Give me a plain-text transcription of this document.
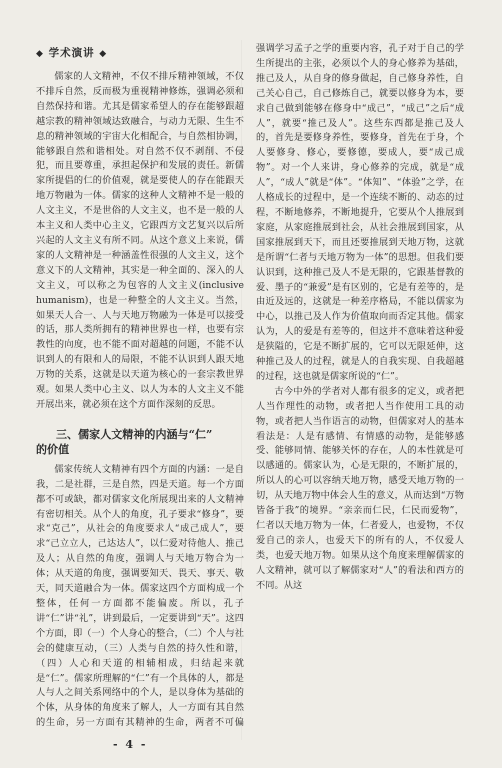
◆ 学术演讲 ◆

儒家的人文精神，不仅不排斥精神领域，不仅不排斥自然，反而极为重视精神修炼，强调必须和自然保持和谐。尤其是儒家希望人的存在能够跟超越宗教的精神领域达致融合，与动力无限、生生不息的精神领域的宇宙大化相配合，与自然相协调，能够跟自然和谐相处。对自然不仅不剥削、不侵犯，而且要尊重，承担起保护和发展的责任。新儒家所提倡的仁的价值观，就是要使人的存在能跟天地万物融为一体。儒家的这种人文精神不是一般的人文主义，不是世俗的人文主义，也不是一般的人本主义和人类中心主义，它跟西方文艺复兴以后所兴起的人文主义有所不同。从这个意义上来说，儒家的人文精神是一种涵盖性很强的人文主义，这个意义下的人文精神，其实是一种全面的、深入的人文主义，可以称之为包容的人文主义(inclusive humanism)，也是一种整全的人文主义。当然，如果天人合一、人与天地万物融为一体是可以接受的话，那人类所拥有的精神世界也一样，也要有宗教性的向度，也不能不面对超越的问题，不能不认识到人的有限和人的局限，不能不认识到人跟天地万物的关系，这就是以天道为核心的一套宗教世界观。如果人类中心主义、以人为本的人文主义不能开展出来，就必须在这个方面作深刻的反思。

三、儒家人文精神的内涵与“仁”
的价值

儒家传统人文精神有四个方面的内涵：一是自我，二是社群，三是自然，四是天道。每一个方面都不可或缺，都对儒家文化所展现出来的人文精神有密切相关。从个人的角度，孔子要求“修身”，要求“克己”，从社会的角度要求人“成己成人”，要求“己立立人，己达达人”，以仁爱对待他人、推己及人；从自然的角度，强调人与天地万物合为一体；从天道的角度，强调要知天、畏天、事天、敬天，同天道融合为一体。儒家这四个方面构成一个整体，任何一方面都不能偏废。所以，孔子讲“仁”讲“礼”，讲到最后，一定要讲到“天”。这四个方面，即（一）个人身心的整合，（二）个人与社会的健康互动，（三）人类与自然的持久性和谐，（四）人心和天道的相辅相成，归结起来就是“仁”。儒家所理解的“仁”有一个具体的人，都是人与人之间关系网络中的个人，是以身体为基础的个体，从身体的角度来了解人，人一方面有其自然的生命，另一方面有其精神的生命，两者不可偏

强调学习孟子之学的重要内容，孔子对于自己的学生所提出的主张，必须以个人的身心修养为基础，推己及人，从自身的修身做起，自己修身养性，自己关心自己，自己修炼自己，就要以修身为本，要求自己做到能够在修身中“成己”，“成己”之后“成人”，就要“推己及人”。这些东西都是推己及人的，首先是要修身养性，要修身，首先在于身，个人要修身、修心，要修德，要成人，要“成己成物”。对一个人来讲，身心修养的完成，就是“成人”，“成人”就是“体”。“体知”、“体验”之学，在人格成长的过程中，是一个连续不断的、动态的过程，不断地修养，不断地提升，它要从个人推展到家庭，从家庭推展到社会，从社会推展到国家，从国家推展到天下，而且还要推展到天地万物，这就是所谓“仁者与天地万物为一体”的思想。但我们要认识到，这种推己及人不是无限的，它跟基督教的爱、墨子的“兼爱”是有区别的，它是有差等的，是由近及远的，这就是一种差序格局，不能以儒家为中心，以推己及人作为价值取向而否定其他。儒家认为，人的爱是有差等的，但这并不意味着这种爱是狭隘的，它是不断扩展的，它可以无限延伸，这种推己及人的过程，就是人的自我实现、自我超越的过程，这也就是儒家所说的“仁”。

古今中外的学者对人都有很多的定义，或者把人当作理性的动物，或者把人当作使用工具的动物，或者把人当作语言的动物，但儒家对人的基本看法是：人是有感情、有情感的动物，是能够感受、能够同情、能够关怀的存在，人的本性就是可以感通的。儒家认为，心是无限的，不断扩展的，所以人的心可以容纳天地万物，感受天地万物的一切，从天地万物中体会人生的意义，从而达到“万物皆备于我”的境界。“亲亲而仁民，仁民而爱物”，仁者以天地万物为一体，仁者爱人，也爱物，不仅爱自己的亲人，也爱天下的所有的人，不仅爱人类，也爱天地万物。如果从这个角度来理解儒家的人文精神，就可以了解儒家对“人”的看法和西方的不同。从这

- 4 -
